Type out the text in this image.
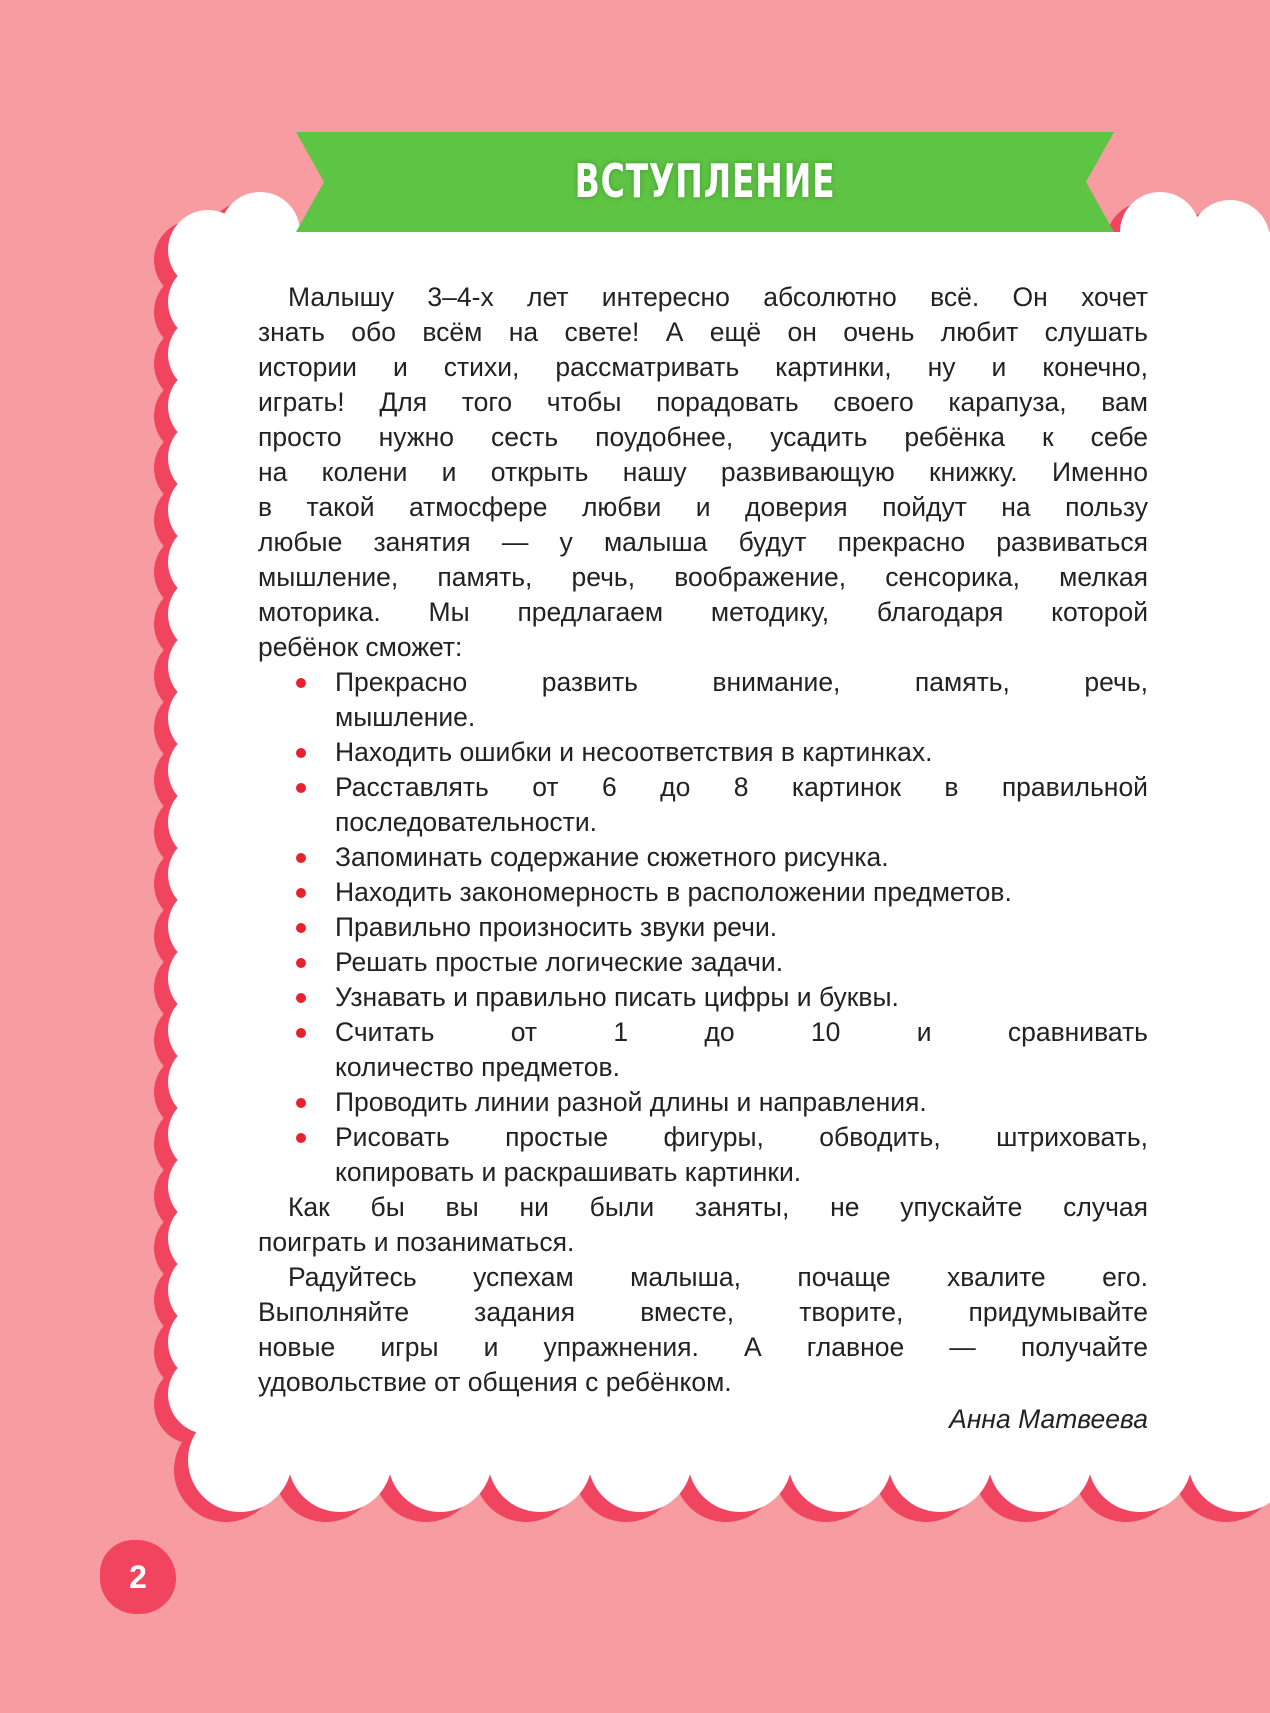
ВСТУПЛЕНИЕ
Малышу 3–4-х лет интересно абсолютно всё. Он хочет
знать обо всём на свете! А ещё он очень любит слушать
истории и стихи, рассматривать картинки, ну и конечно,
играть! Для того чтобы порадовать своего карапуза, вам
просто нужно сесть поудобнее, усадить ребёнка к себе
на колени и открыть нашу развивающую книжку. Именно
в такой атмосфере любви и доверия пойдут на пользу
любые занятия — у малыша будут прекрасно развиваться
мышление, память, речь, воображение, сенсорика, мелкая
моторика. Мы предлагаем методику, благодаря которой
ребёнок сможет:
Прекрасно развить внимание, память, речь,
мышление.
Находить ошибки и несоответствия в картинках.
Расставлять от 6 до 8 картинок в правильной
последовательности.
Запоминать содержание сюжетного рисунка.
Находить закономерность в расположении предметов.
Правильно произносить звуки речи.
Решать простые логические задачи.
Узнавать и правильно писать цифры и буквы.
Считать от 1 до 10 и сравнивать
количество предметов.
Проводить линии разной длины и направления.
Рисовать простые фигуры, обводить, штриховать,
копировать и раскрашивать картинки.
Как бы вы ни были заняты, не упускайте случая
поиграть и позаниматься.
Радуйтесь успехам малыша, почаще хвалите его.
Выполняйте задания вместе, творите, придумывайте
новые игры и упражнения. А главное — получайте
удовольствие от общения с ребёнком.
Анна Матвеева
2
